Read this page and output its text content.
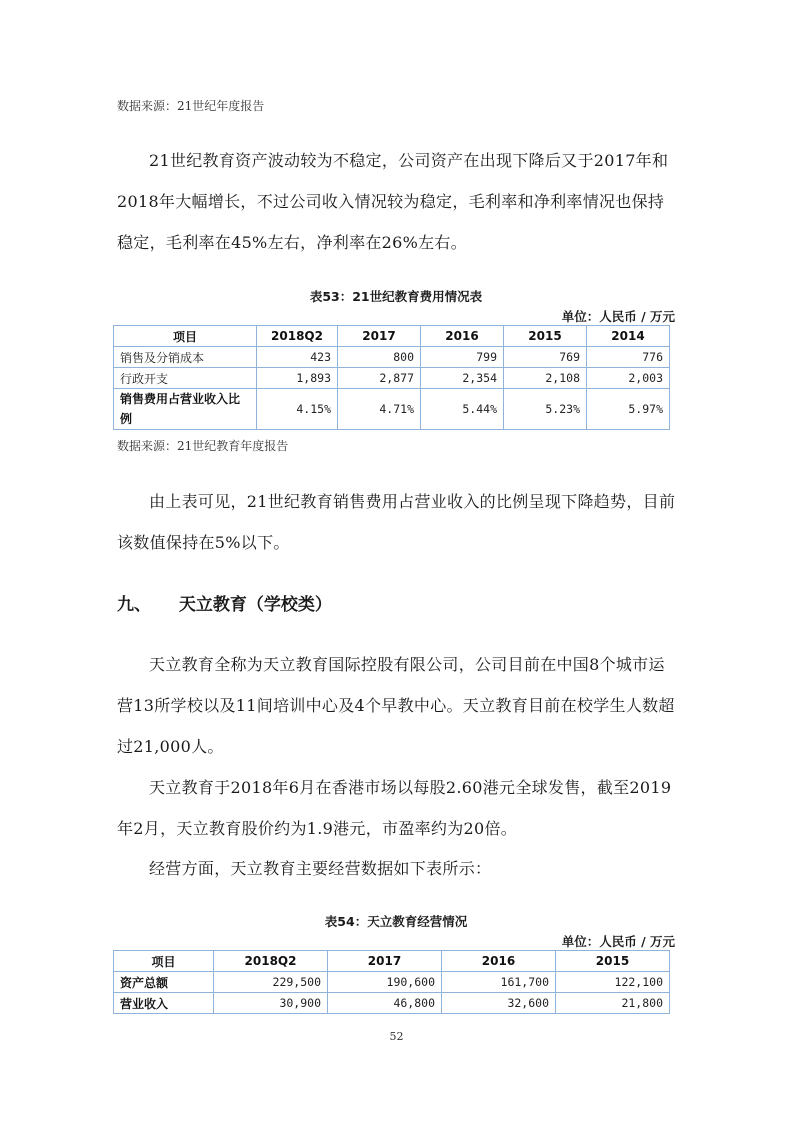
数据来源：21世纪年度报告
21世纪教育资产波动较为不稳定，公司资产在出现下降后又于2017年和2018年大幅增长，不过公司收入情况较为稳定，毛利率和净利率情况也保持稳定，毛利率在45%左右，净利率在26%左右。
表53：21世纪教育费用情况表
单位：人民币 / 万元
项目	2018Q2	2017	2016	2015	2014
销售及分销成本	423	800	799	769	776
行政开支	1,893	2,877	2,354	2,108	2,003
销售费用占营业收入比例	4.15%	4.71%	5.44%	5.23%	5.97%
数据来源：21世纪教育年度报告
由上表可见，21世纪教育销售费用占营业收入的比例呈现下降趋势，目前该数值保持在5%以下。
九、 天立教育（学校类）
天立教育全称为天立教育国际控股有限公司，公司目前在中国8个城市运营13所学校以及11间培训中心及4个早教中心。天立教育目前在校学生人数超过21,000人。
天立教育于2018年6月在香港市场以每股2.60港元全球发售，截至2019年2月，天立教育股价约为1.9港元，市盈率约为20倍。
经营方面，天立教育主要经营数据如下表所示：
表54：天立教育经营情况
单位：人民币 / 万元
项目	2018Q2	2017	2016	2015
资产总额	229,500	190,600	161,700	122,100
营业收入	30,900	46,800	32,600	21,800
52
